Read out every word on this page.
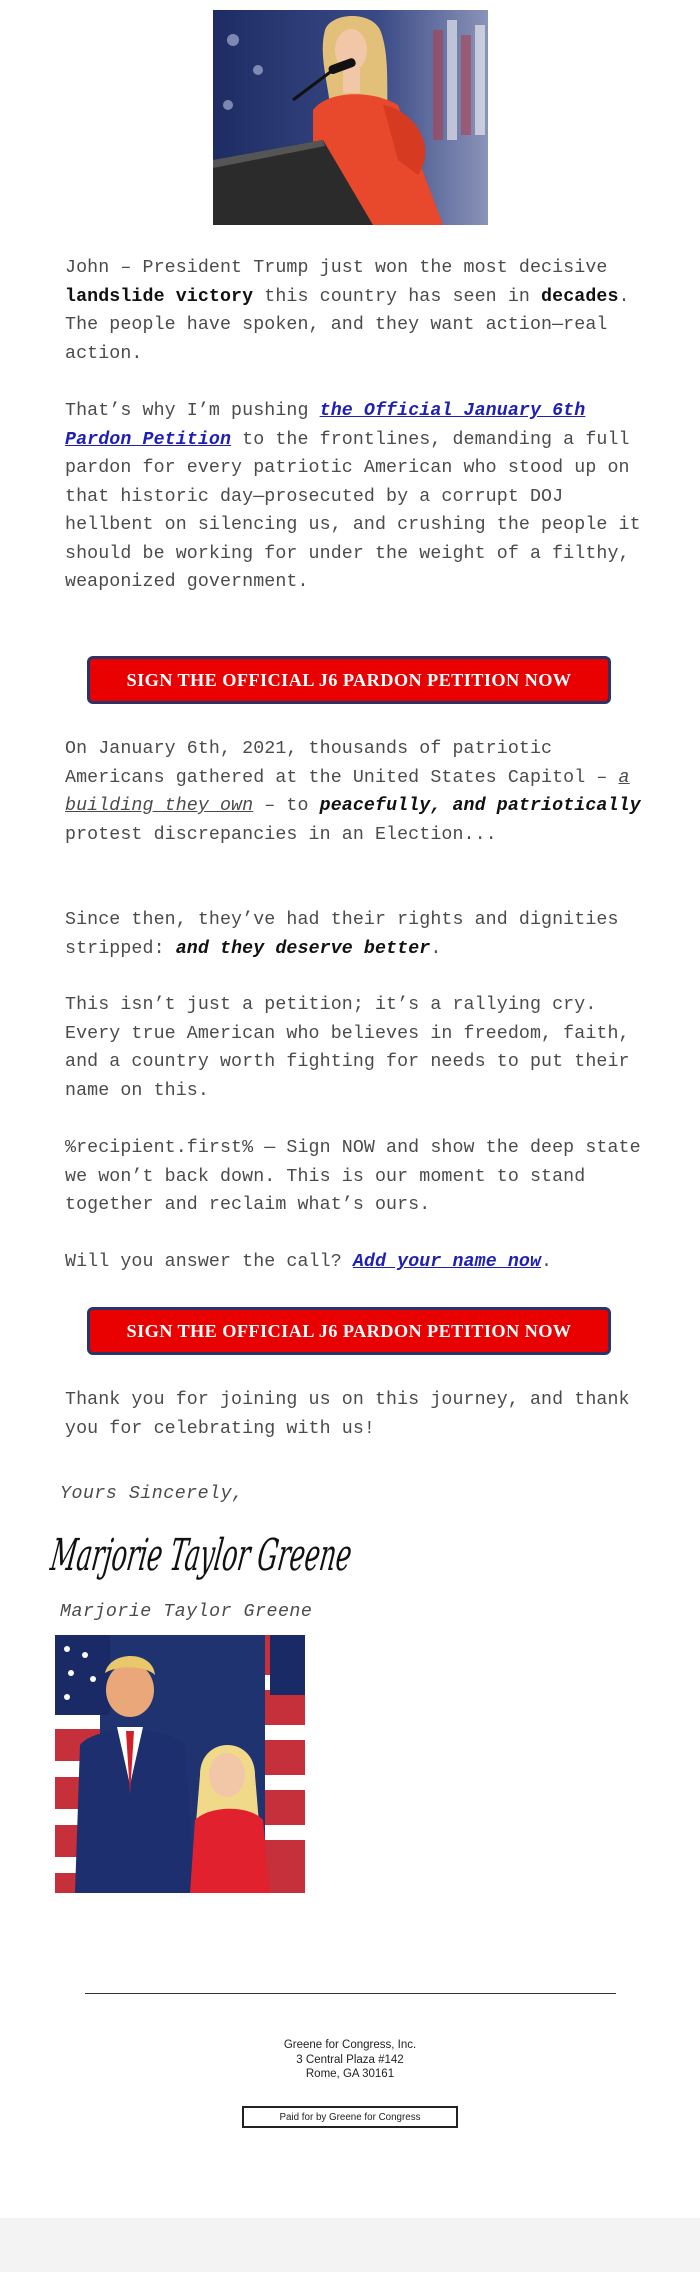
John – President Trump just won the most decisive landslide victory this country has seen in decades. The people have spoken, and they want action—real action.
That’s why I’m pushing the Official January 6th Pardon Petition to the frontlines, demanding a full pardon for every patriotic American who stood up on that historic day—prosecuted by a corrupt DOJ hellbent on silencing us, and crushing the people it should be working for under the weight of a filthy, weaponized government.
SIGN THE OFFICIAL J6 PARDON PETITION NOW
On January 6th, 2021, thousands of patriotic Americans gathered at the United States Capitol – a building they own – to peacefully, and patriotically protest discrepancies in an Election...
Since then, they’ve had their rights and dignities stripped: and they deserve better.
This isn’t just a petition; it’s a rallying cry. Every true American who believes in freedom, faith, and a country worth fighting for needs to put their name on this.
%recipient.first% — Sign NOW and show the deep state we won’t back down. This is our moment to stand together and reclaim what’s ours.
Will you answer the call? Add your name now.
SIGN THE OFFICIAL J6 PARDON PETITION NOW
Thank you for joining us on this journey, and thank you for celebrating with us!
Yours Sincerely,
Marjorie Taylor Greene
Marjorie Taylor Greene
Greene for Congress, Inc.
3 Central Plaza #142
Rome, GA 30161
Paid for by Greene for Congress
